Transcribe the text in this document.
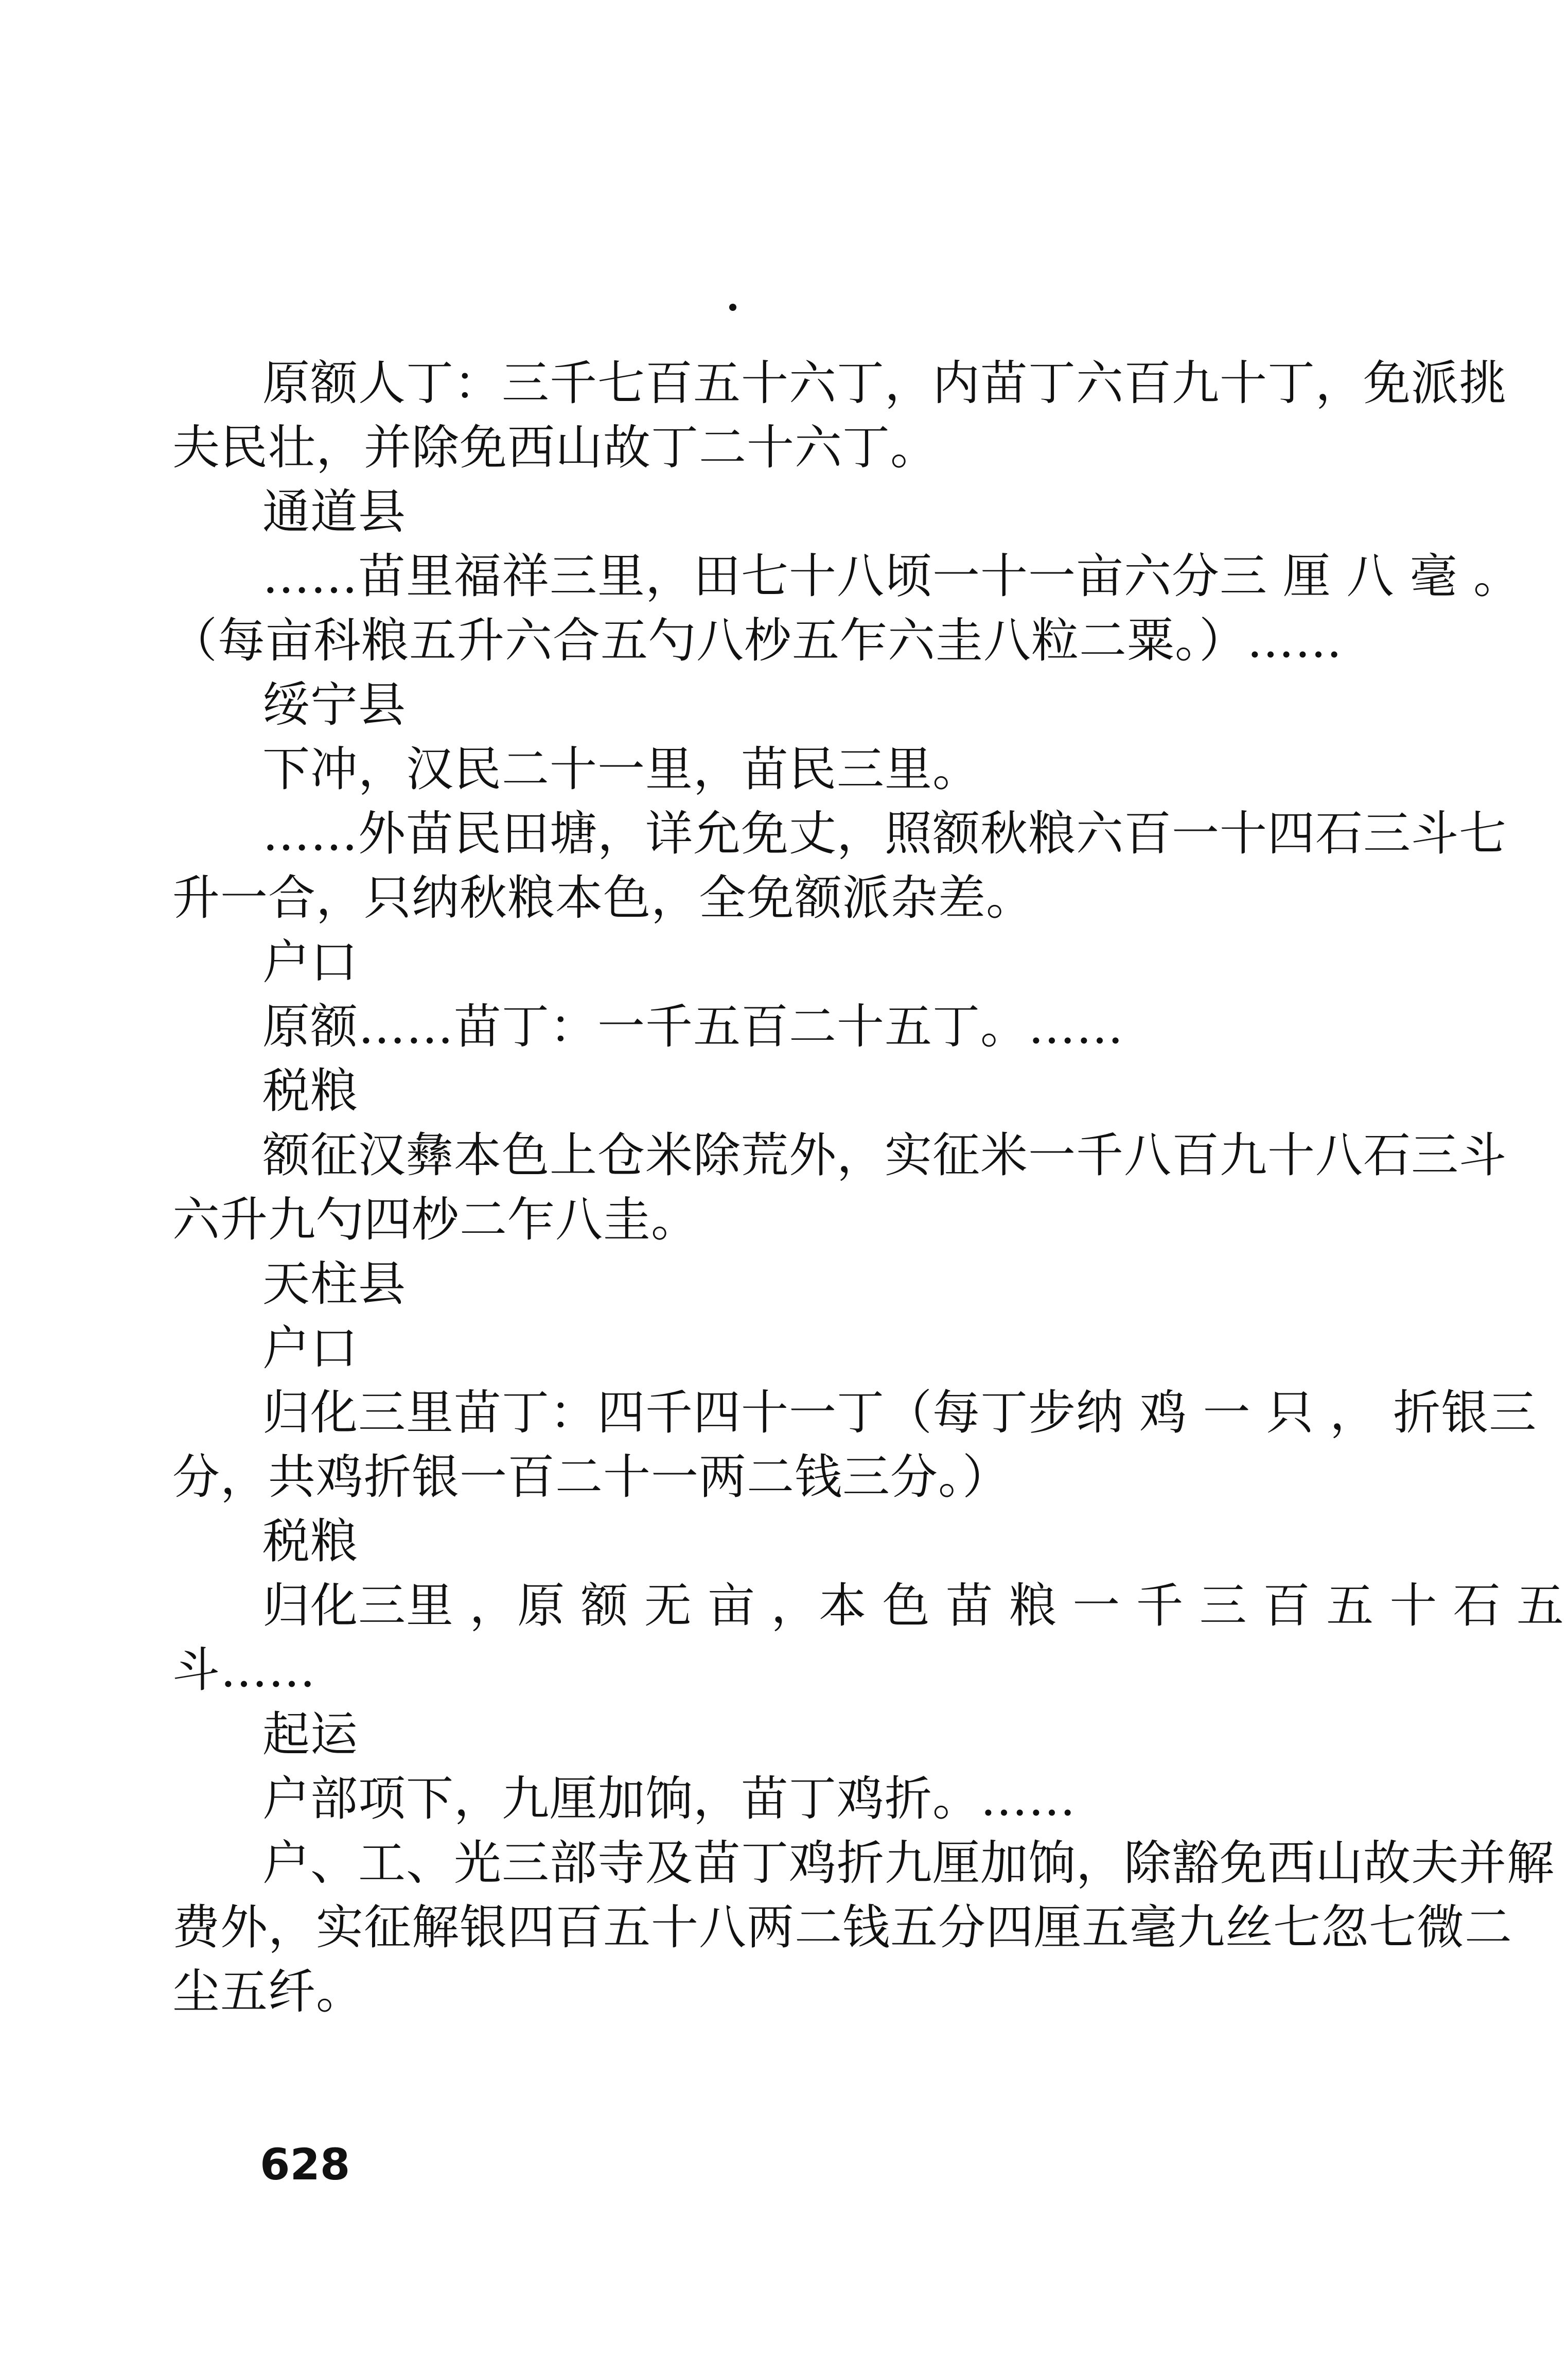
原额人丁：三千七百五十六丁，内苗丁六百九十丁，免派挑
夫民壮，并除免西山故丁二十六丁。
通道县
……苗里福祥三里，田七十八顷一十一亩六分三 厘 八 毫 。
（每亩科粮五升六合五勺八杪五乍六圭八粒二粟。）……
绥宁县
下冲，汉民二十一里，苗民三里。
……外苗民田塘，详允免丈，照额秋粮六百一十四石三斗七
升一合，只纳秋粮本色，全免额派杂差。
户口
原额……苗丁：一千五百二十五丁。……
税粮
额征汉彝本色上仓米除荒外，实征米一千八百九十八石三斗
六升九勺四杪二乍八圭。
天柱县
户口
归化三里苗丁：四千四十一丁（每丁步纳 鸡 一 只 ， 折银三
分，共鸡折银一百二十一两二钱三分。）
税粮
归化三里 ，原 额 无 亩 ，本 色 苗 粮 一 千 三 百 五 十 石 五
斗……
起运
户部项下，九厘加饷，苗丁鸡折。……
户、工、光三部寺及苗丁鸡折九厘加饷，除豁免西山故夫并解
费外，实征解银四百五十八两二钱五分四厘五毫九丝七忽七微二
尘五纤。
628
